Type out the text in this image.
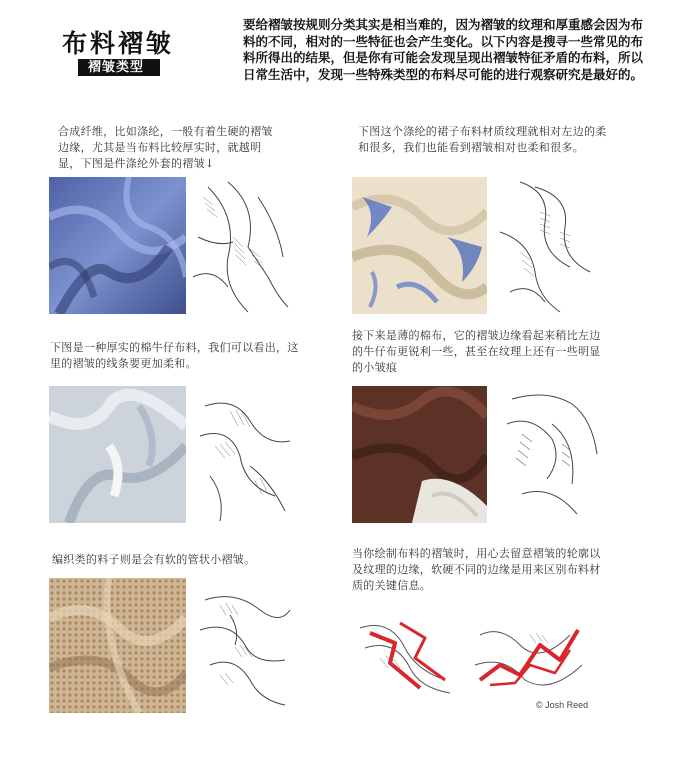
布料褶皱
褶皱类型
要给褶皱按规则分类其实是相当难的，因为褶皱的纹理和厚重感会因为布料的不同，相对的一些特征也会产生变化。以下内容是搜寻一些常见的布料所得出的结果，但是你有可能会发现呈现出褶皱特征矛盾的布料，所以日常生活中，发现一些特殊类型的布料尽可能的进行观察研究是最好的。
合成纤维，比如涤纶，一般有着生硬的褶皱边缘，尤其是当布料比较厚实时，就越明显，下图是件涤纶外套的褶皱↓
下图这个涤纶的裙子布料材质纹理就相对左边的柔和很多，我们也能看到褶皱相对也柔和很多。
下图是一种厚实的棉牛仔布料，我们可以看出，这里的褶皱的线条要更加柔和。
接下来是薄的棉布，它的褶皱边缘看起来稍比左边的牛仔布更锐利一些，甚至在纹理上还有一些明显的小皱痕
编织类的料子则是会有软的管状小褶皱。	当你绘制布料的褶皱时，用心去留意褶皱的轮廓以及纹理的边缘，软硬不同的边缘是用来区别布料材质的关键信息。
© Josh Reed
